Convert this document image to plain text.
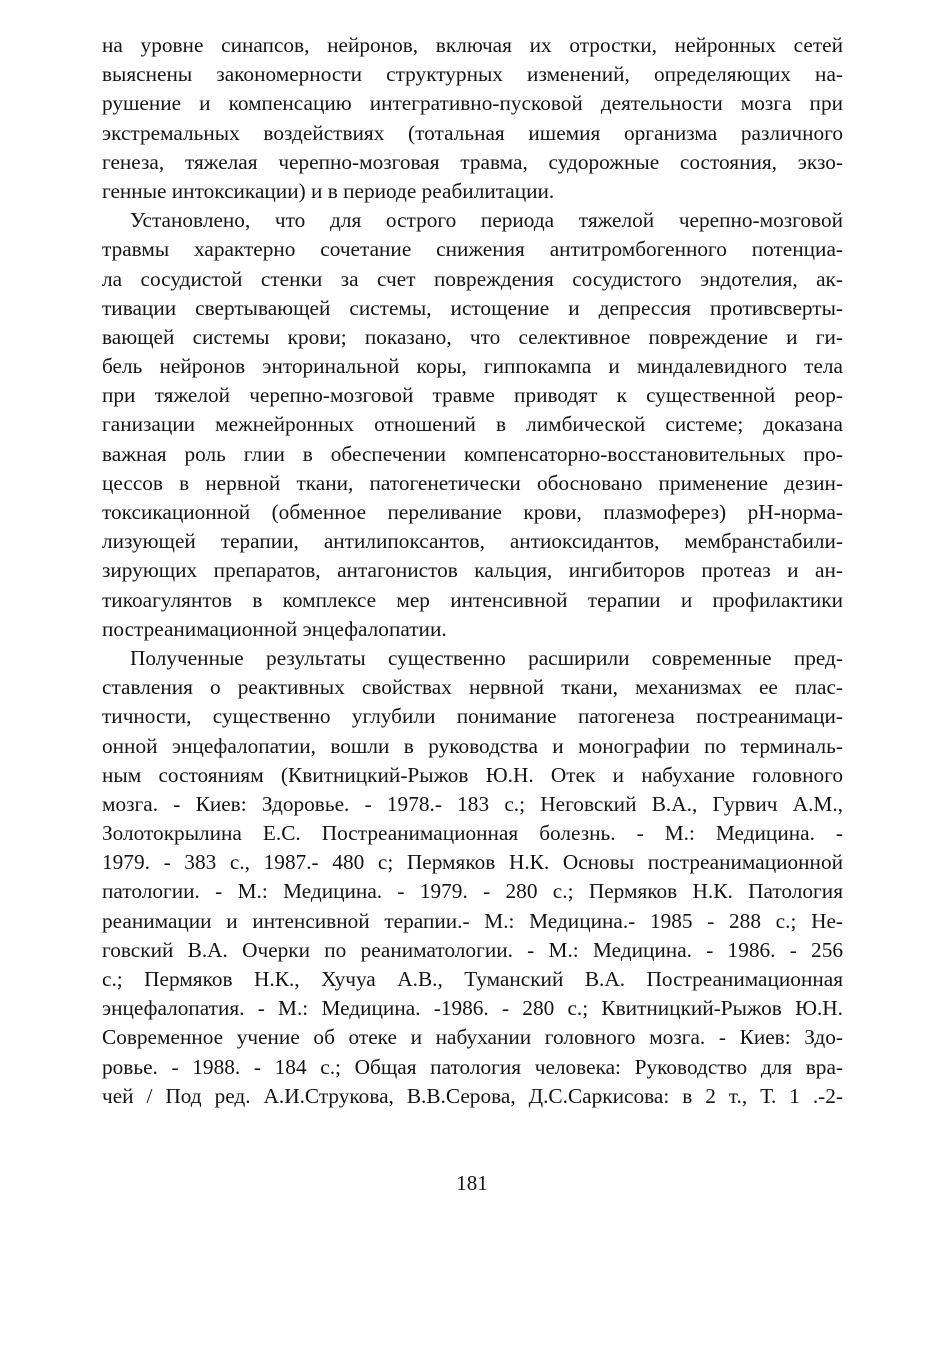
на уровне синапсов, нейронов, включая их отростки, нейронных сетей
выяснены закономерности структурных изменений, определяющих на-
рушение и компенсацию интегративно-пусковой деятельности мозга при
экстремальных воздействиях (тотальная ишемия организма различного
генеза, тяжелая черепно-мозговая травма, судорожные состояния, экзо-
генные интоксикации) и в периоде реабилитации.
Установлено, что для острого периода тяжелой черепно-мозговой
травмы характерно сочетание снижения антитромбогенного потенциа-
ла сосудистой стенки за счет повреждения сосудистого эндотелия, ак-
тивации свертывающей системы, истощение и депрессия противсверты-
вающей системы крови; показано, что селективное повреждение и ги-
бель нейронов энторинальной коры, гиппокампа и миндалевидного тела
при тяжелой черепно-мозговой травме приводят к существенной реор-
ганизации межнейронных отношений в лимбической системе; доказана
важная роль глии в обеспечении компенсаторно-восстановительных про-
цессов в нервной ткани, патогенетически обосновано применение дезин-
токсикационной (обменное переливание крови, плазмоферез) рН-норма-
лизующей терапии, антилипоксантов, антиоксидантов, мембранстабили-
зирующих препаратов, антагонистов кальция, ингибиторов протеаз и ан-
тикоагулянтов в комплексе мер интенсивной терапии и профилактики
постреанимационной энцефалопатии.
Полученные результаты существенно расширили современные пред-
ставления о реактивных свойствах нервной ткани, механизмах ее плас-
тичности, существенно углубили понимание патогенеза постреанимаци-
онной энцефалопатии, вошли в руководства и монографии по терминаль-
ным состояниям (Квитницкий-Рыжов Ю.Н. Отек и набухание головного
мозга. - Киев: Здоровье. - 1978.- 183 с.; Неговский В.А., Гурвич А.М.,
Золотокрылина Е.С. Постреанимационная болезнь. - М.: Медицина. -
1979. - 383 с., 1987.- 480 с; Пермяков Н.К. Основы постреанимационной
патологии. - М.: Медицина. - 1979. - 280 с.; Пермяков Н.К. Патология
реанимации и интенсивной терапии.- М.: Медицина.- 1985 - 288 с.; Не-
говский В.А. Очерки по реаниматологии. - М.: Медицина. - 1986. - 256
с.; Пермяков Н.К., Хучуа А.В., Туманский В.А. Постреанимационная
энцефалопатия. - М.: Медицина. -1986. - 280 с.; Квитницкий-Рыжов Ю.Н.
Современное учение об отеке и набухании головного мозга. - Киев: Здо-
ровье. - 1988. - 184 с.; Общая патология человека: Руководство для вра-
чей / Под ред. А.И.Струкова, В.В.Серова, Д.С.Саркисова: в 2 т., Т. 1 .-2-
181
